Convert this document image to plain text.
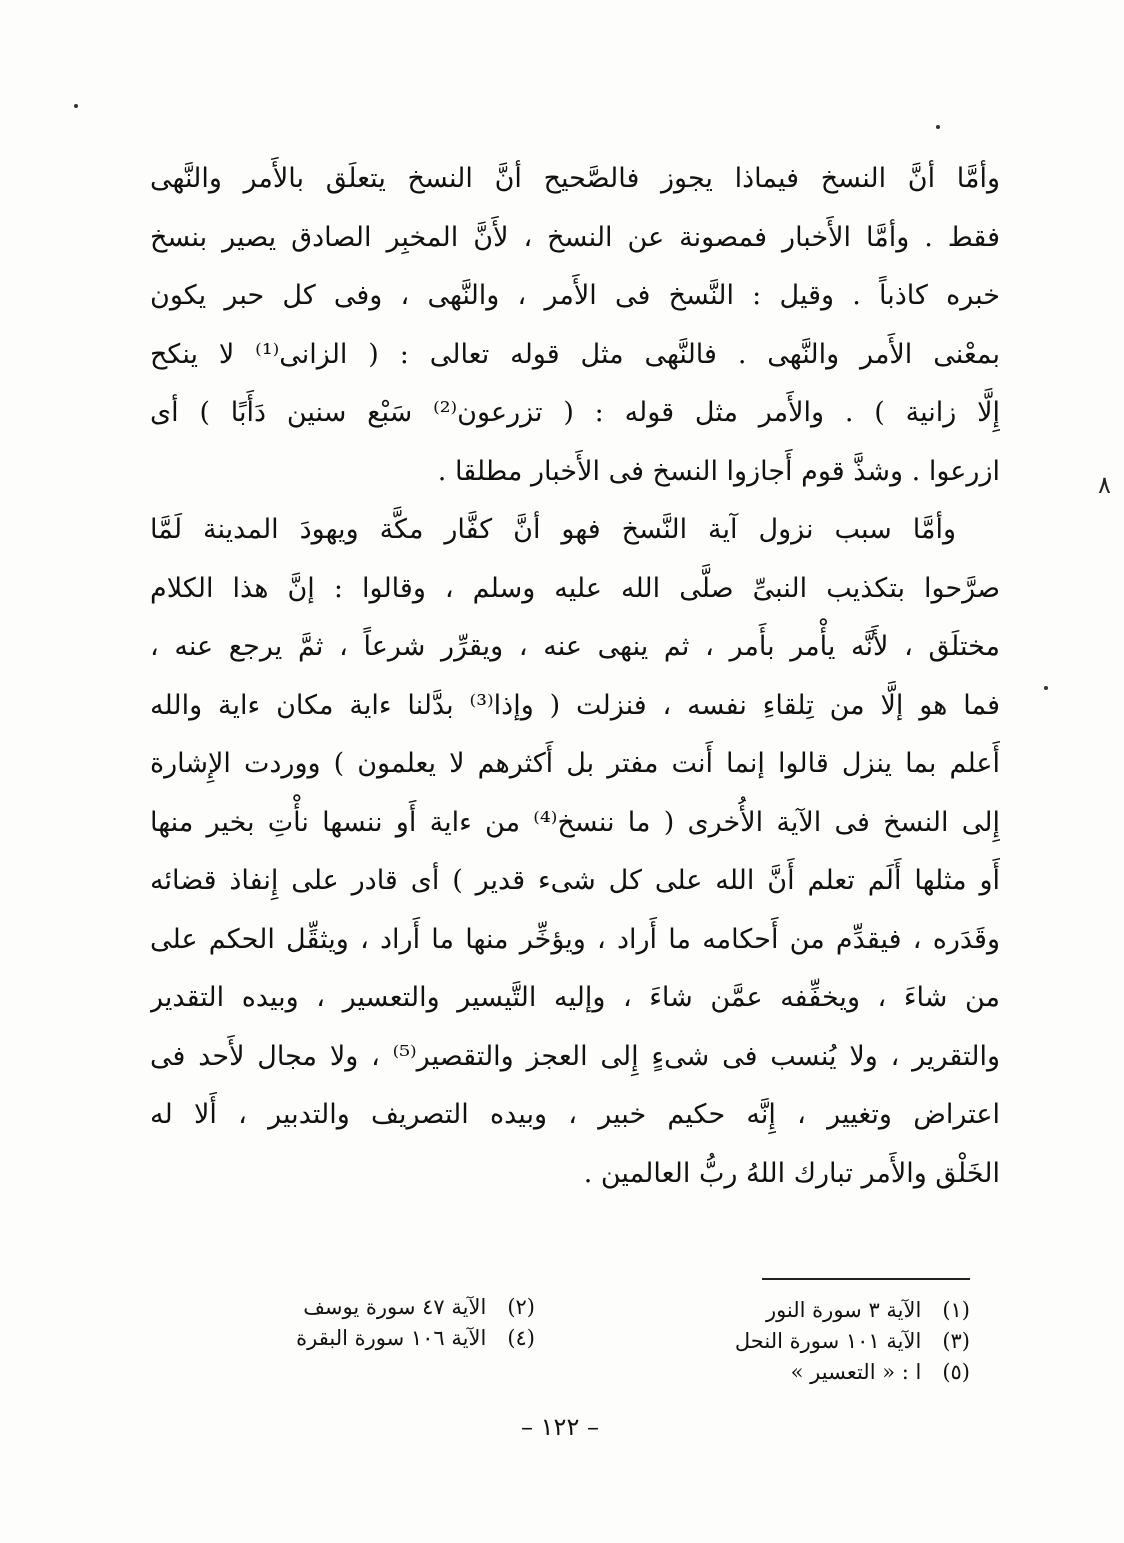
وأمَّا أنَّ النسخ فيماذا يجوز فالصَّحيح أنَّ النسخ يتعلَق بالأَمر والنَّهى
فقط . وأمَّا الأَخبار فمصونة عن النسخ ، لأَنَّ المخبِر الصادق يصير بنسخ
خبره كاذباً . وقيل : النَّسخ فى الأَمر ، والنَّهى ، وفى كل حبر يكون
بمعْنى الأَمر والنَّهى . فالنَّهى مثل قوله تعالى : ( الزانى⁽¹⁾ لا ينكح
إِلَّا زانية ) . والأَمر مثل قوله : ( تزرعون⁽²⁾ سَبْع سنين دَأَبًا ) أى
ازرعوا . وشذَّ قوم أَجازوا النسخ فى الأَخبار مطلقا .
وأمَّا سبب نزول آية النَّسخ فهو أنَّ كفَّار مكَّة ويهودَ المدينة لَمَّا
صرَّحوا بتكذيب النبىِّ صلَّى الله عليه وسلم ، وقالوا : إنَّ هذا الكلام
مختلَق ، لأَنَّه يأْمر بأَمر ، ثم ينهى عنه ، ويقرِّر شرعاً ، ثمَّ يرجع عنه ،
فما هو إلَّا من تِلقاءِ نفسه ، فنزلت ( وإذا⁽³⁾ بدَّلنا ءاية مكان ءاية والله
أَعلم بما ينزل قالوا إنما أَنت مفتر بل أَكثرهم لا يعلمون ) ووردت الإِشارة
إِلى النسخ فى الآية الأُخرى ( ما ننسخ⁽⁴⁾ من ءاية أَو ننسها نأْتِ بخير منها
أَو مثلها أَلَم تعلم أَنَّ الله على كل شىء قدير ) أى قادر على إِنفاذ قضائه
وقَدَره ، فيقدِّم من أَحكامه ما أَراد ، ويؤخِّر منها ما أَراد ، ويثقِّل الحكم على
من شاءَ ، ويخفِّفه عمَّن شاءَ ، وإليه التَّيسير والتعسير ، وبيده التقدير
والتقرير ، ولا يُنسب فى شىءٍ إِلى العجز والتقصير⁽⁵⁾ ، ولا مجال لأَحد فى
اعتراض وتغيير ، إِنَّه حكيم خبير ، وبيده التصريف والتدبير ، أَلا له
الخَلْق والأَمر تبارك اللهُ ربُّ العالمين .
٨
(١) الآية ٣ سورة النور
(٣) الآية ١٠١ سورة النحل
(٥) ا : « التعسير »
(٢) الآية ٤٧ سورة يوسف
(٤) الآية ١٠٦ سورة البقرة
– ١٢٢ –
